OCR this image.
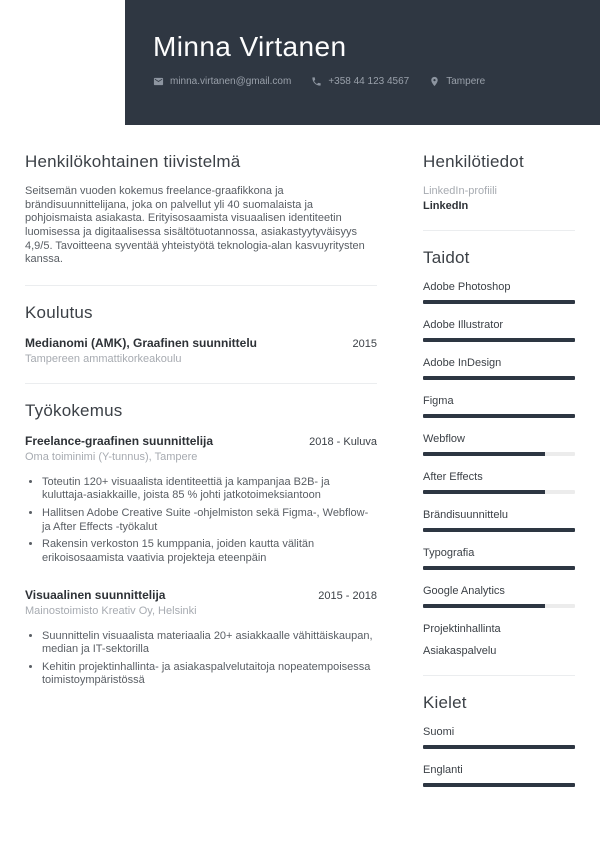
Minna Virtanen
minna.virtanen@gmail.com	+358 44 123 4567	Tampere
Henkilökohtainen tiivistelmä

Seitsemän vuoden kokemus freelance-graafikkona ja brändisuunnittelijana, joka on palvellut yli 40 suomalaista ja pohjoismaista asiakasta. Erityisosaamista visuaalisen identiteetin luomisessa ja digitaalisessa sisältötuotannossa, asiakastyytyväisyys 4,9/5. Tavoitteena syventää yhteistyötä teknologia-alan kasvuyritysten kanssa.

Koulutus
Medianomi (AMK), Graafinen suunnittelu	2015
Tampereen ammattikorkeakoulu
Työkokemus
Freelance-graafinen suunnittelija	2018 - Kuluva
Oma toiminimi (Y-tunnus), Tampere
• Toteutin 120+ visuaalista identiteettiä ja kampanjaa B2B- ja kuluttaja-asiakkaille, joista 85 % johti jatkotoimeksiantoon
• Hallitsen Adobe Creative Suite -ohjelmiston sekä Figma-, Webflow- ja After Effects -työkalut
• Rakensin verkoston 15 kumppania, joiden kautta välitän erikoisosaamista vaativia projekteja eteenpäin
Visuaalinen suunnittelija	2015 - 2018
Mainostoimisto Kreativ Oy, Helsinki
• Suunnittelin visuaalista materiaalia 20+ asiakkaalle vähittäiskaupan, median ja IT-sektorilla
• Kehitin projektinhallinta- ja asiakaspalvelutaitoja nopeatempoisessa toimistoympäristössä
Henkilötiedot
LinkedIn-profiili
LinkedIn
Taidot
Adobe Photoshop
Adobe Illustrator
Adobe InDesign
Figma
Webflow
After Effects
Brändisuunnittelu
Typografia
Google Analytics
Projektinhallinta
Asiakaspalvelu
Kielet
Suomi
Englanti
